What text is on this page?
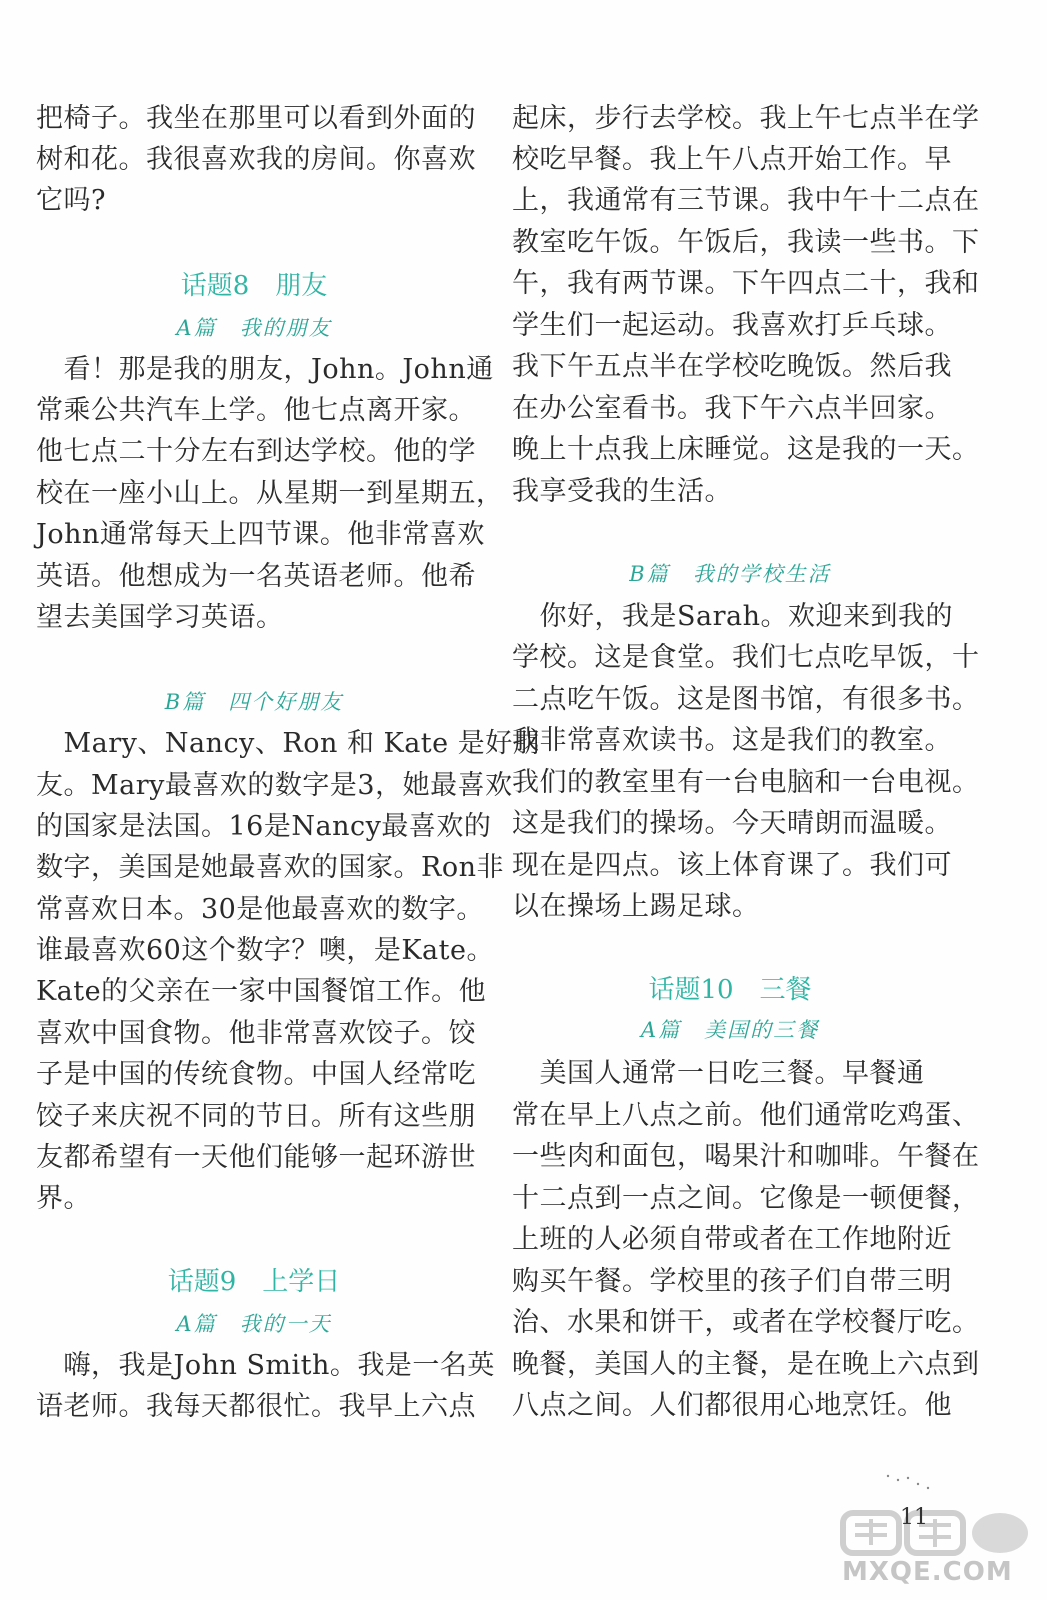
把椅子。我坐在那里可以看到外面的
树和花。我很喜欢我的房间。你喜欢
它吗?
话题8　朋友
A篇　我的朋友
　看！那是我的朋友，John。John通
常乘公共汽车上学。他七点离开家。
他七点二十分左右到达学校。他的学
校在一座小山上。从星期一到星期五，
John通常每天上四节课。他非常喜欢
英语。他想成为一名英语老师。他希
望去美国学习英语。
B篇　四个好朋友
　Mary、Nancy、Ron 和 Kate 是好朋
友。Mary最喜欢的数字是3，她最喜欢
的国家是法国。16是Nancy最喜欢的
数字，美国是她最喜欢的国家。Ron非
常喜欢日本。30是他最喜欢的数字。
谁最喜欢60这个数字？噢，是Kate。
Kate的父亲在一家中国餐馆工作。他
喜欢中国食物。他非常喜欢饺子。饺
子是中国的传统食物。中国人经常吃
饺子来庆祝不同的节日。所有这些朋
友都希望有一天他们能够一起环游世
界。
话题9　上学日
A篇　我的一天
　嗨，我是John Smith。我是一名英
语老师。我每天都很忙。我早上六点
起床，步行去学校。我上午七点半在学
校吃早餐。我上午八点开始工作。早
上，我通常有三节课。我中午十二点在
教室吃午饭。午饭后，我读一些书。下
午，我有两节课。下午四点二十，我和
学生们一起运动。我喜欢打乒乓球。
我下午五点半在学校吃晚饭。然后我
在办公室看书。我下午六点半回家。
晚上十点我上床睡觉。这是我的一天。
我享受我的生活。
B篇　我的学校生活
　你好，我是Sarah。欢迎来到我的
学校。这是食堂。我们七点吃早饭，十
二点吃午饭。这是图书馆，有很多书。
我非常喜欢读书。这是我们的教室。
我们的教室里有一台电脑和一台电视。
这是我们的操场。今天晴朗而温暖。
现在是四点。该上体育课了。我们可
以在操场上踢足球。
话题10　三餐
A篇　美国的三餐
　美国人通常一日吃三餐。早餐通
常在早上八点之前。他们通常吃鸡蛋、
一些肉和面包，喝果汁和咖啡。午餐在
十二点到一点之间。它像是一顿便餐，
上班的人必须自带或者在工作地附近
购买午餐。学校里的孩子们自带三明
治、水果和饼干，或者在学校餐厅吃。
晚餐，美国人的主餐，是在晚上六点到
八点之间。人们都很用心地烹饪。他
MXQE.COM
11
